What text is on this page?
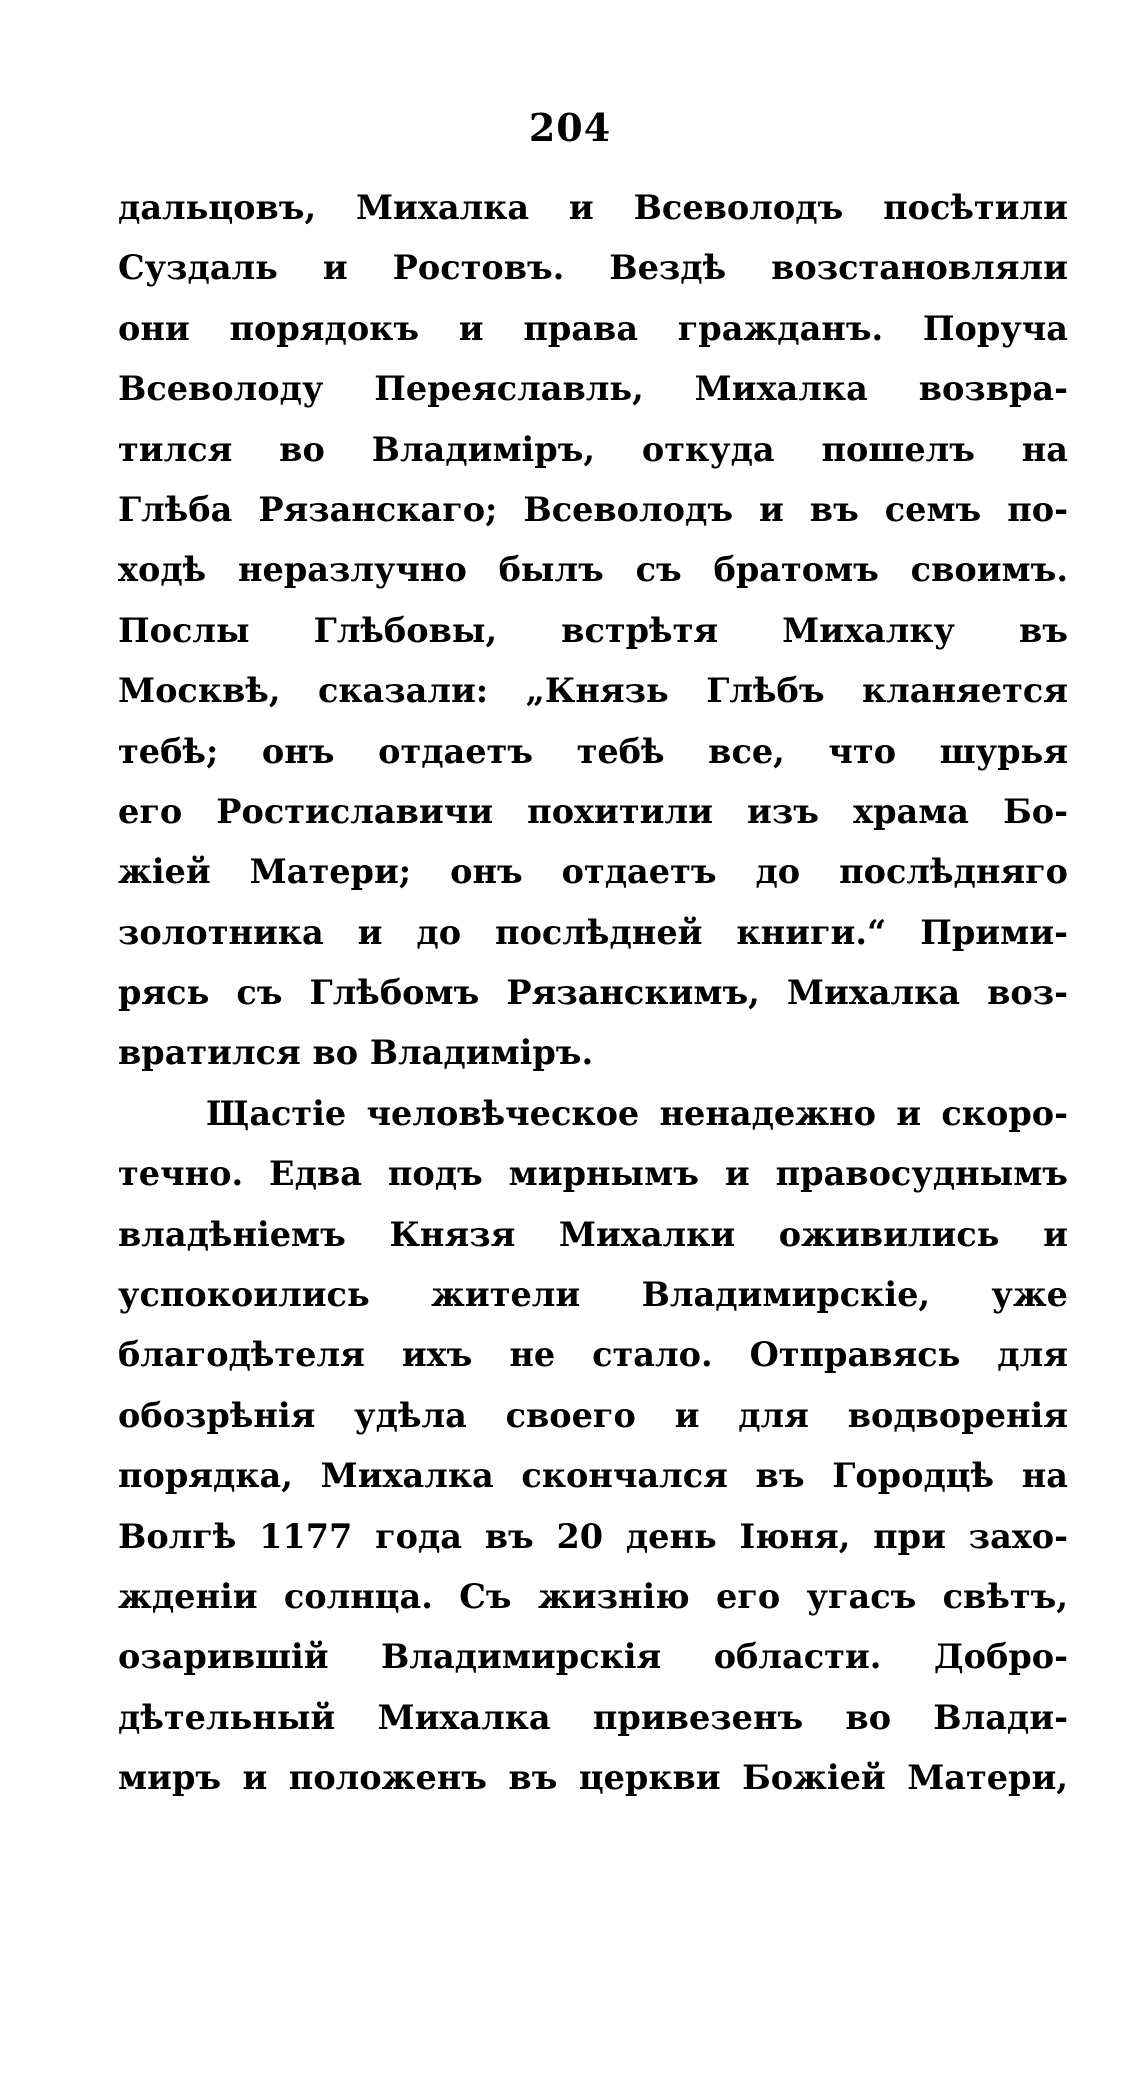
204
дальцовъ, Михалка и Всеволодъ посѣтили
Суздаль и Ростовъ. Вездѣ возстановляли
они порядокъ и права гражданъ. Поруча
Всеволоду Переяславль, Михалка возвра-
тился во Владиміръ, откуда пошелъ на
Глѣба Рязанскаго; Всеволодъ и въ семъ по-
ходѣ неразлучно былъ съ братомъ своимъ.
Послы Глѣбовы, встрѣтя Михалку въ
Москвѣ, сказали: „Князь Глѣбъ кланяется
тебѣ; онъ отдаетъ тебѣ все, что шурья
его Ростиславичи похитили изъ храма Бо-
жіей Матери; онъ отдаетъ до послѣдняго
золотника и до послѣдней книги.“ Прими-
рясь съ Глѣбомъ Рязанскимъ, Михалка воз-
вратился во Владиміръ.
Щастіе человѣческое ненадежно и скоро-
течно. Едва подъ мирнымъ и правосуднымъ
владѣніемъ Князя Михалки оживились и
успокоились жители Владимирскіе, уже
благодѣтеля ихъ не стало. Отправясь для
обозрѣнія удѣла своего и для водворенія
порядка, Михалка скончался въ Городцѣ на
Волгѣ 1177 года въ 20 день Іюня, при захо-
жденіи солнца. Съ жизнію его угасъ свѣтъ,
озарившій Владимирскія области. Добро-
дѣтельный Михалка привезенъ во Влади-
миръ и положенъ въ церкви Божіей Матери,
